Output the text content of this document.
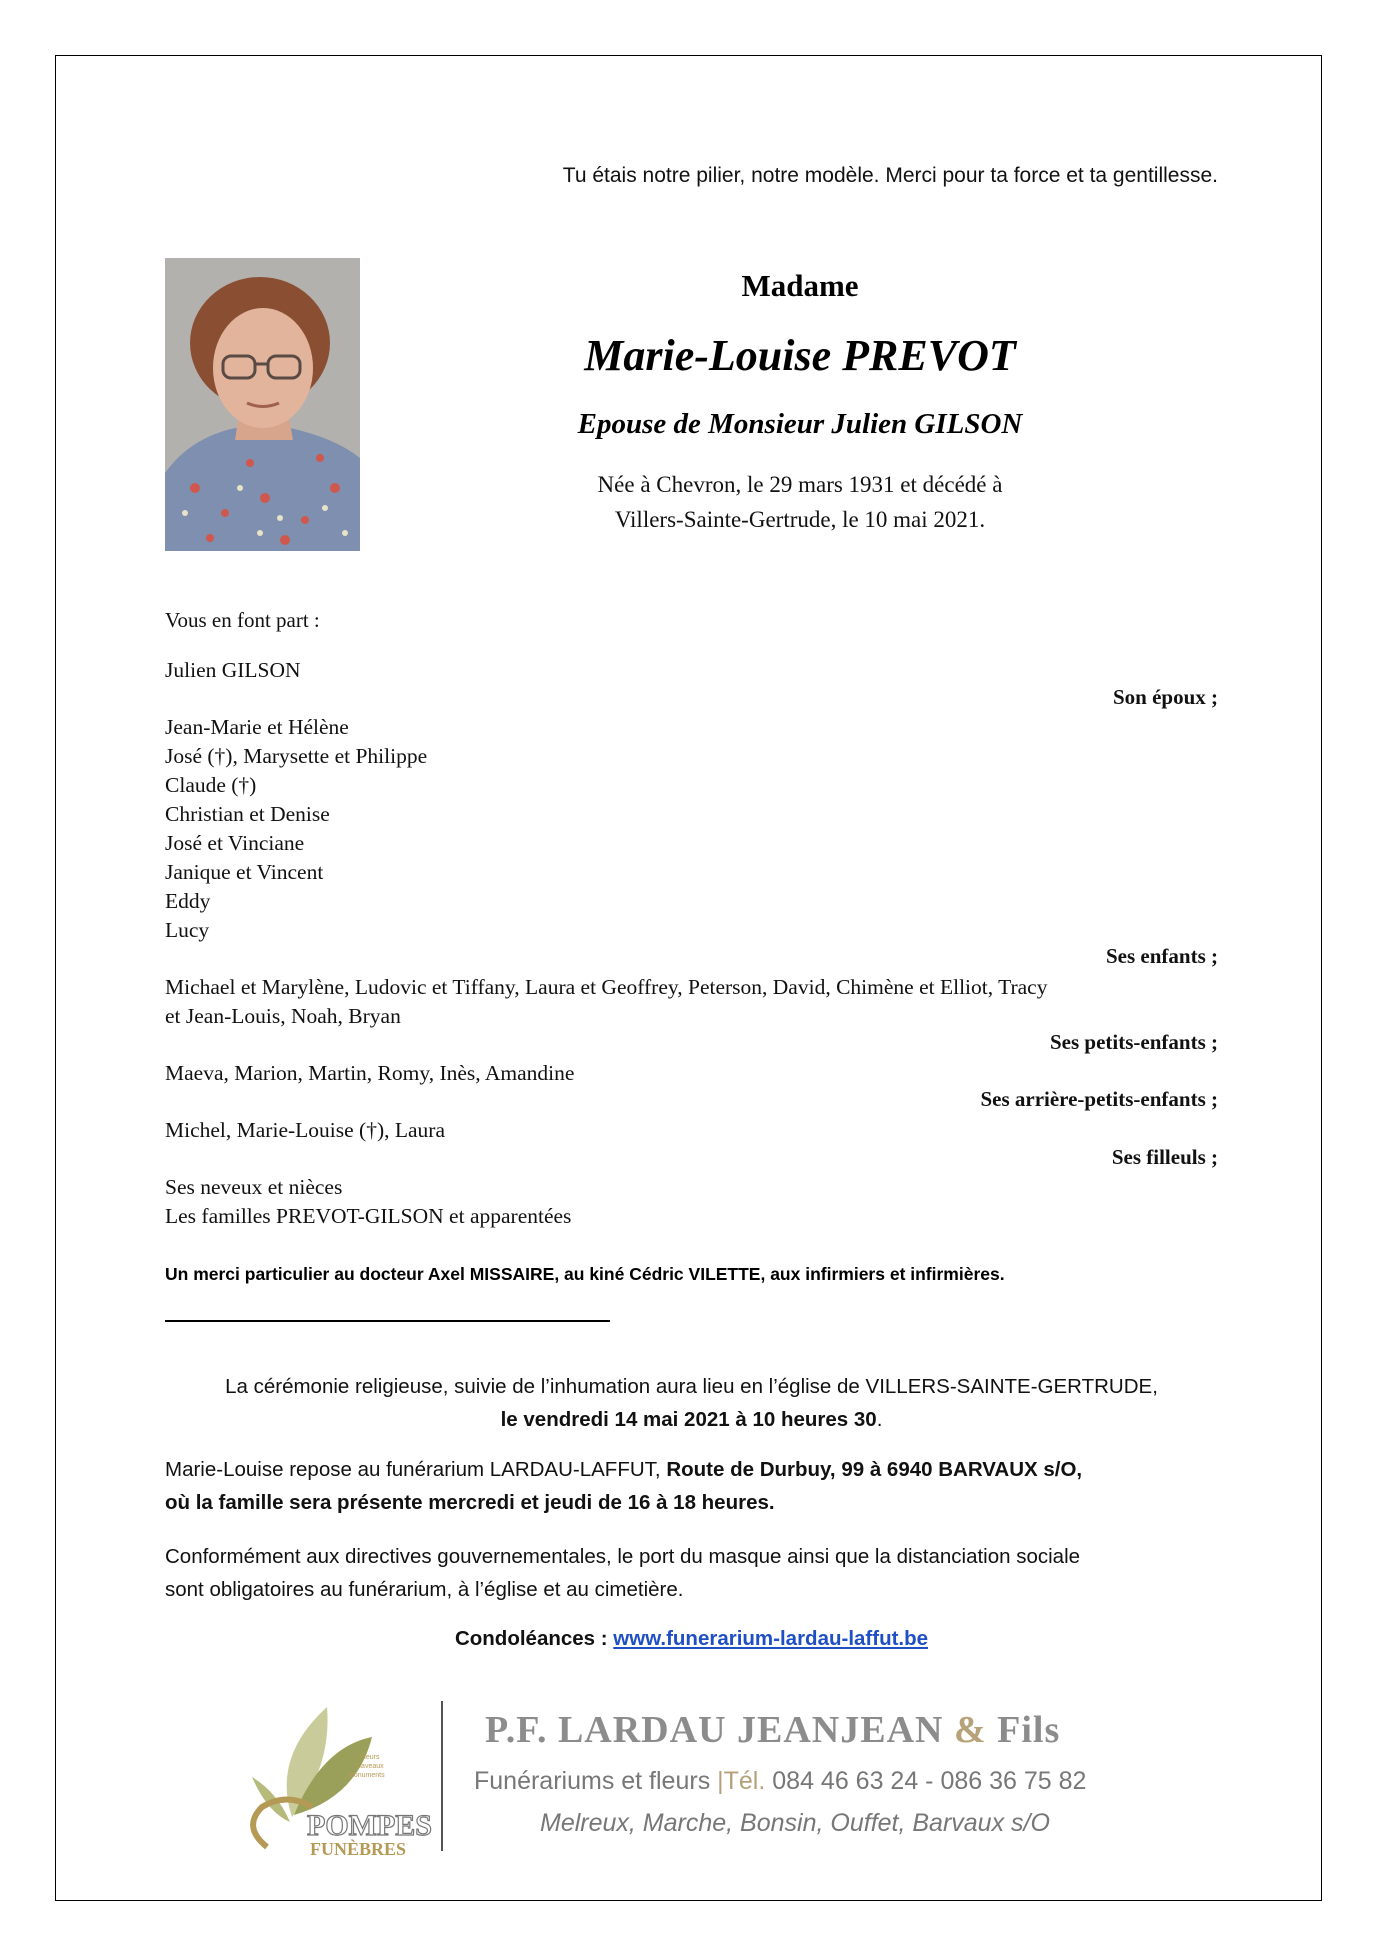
Tu étais notre pilier, notre modèle. Merci pour ta force et ta gentillesse.
Madame
Marie-Louise PREVOT
Epouse de Monsieur Julien GILSON
Née à Chevron, le 29 mars 1931 et décédé à
Villers-Sainte-Gertrude, le 10 mai 2021.
Vous en font part :
Julien GILSON
Son époux ;
Jean-Marie et Hélène
José (†), Marysette et Philippe
Claude (†)
Christian et Denise
José et Vinciane
Janique et Vincent
Eddy
Lucy
Ses enfants ;
Michael et Marylène, Ludovic et Tiffany, Laura et Geoffrey, Peterson, David, Chimène et Elliot, Tracy
et Jean-Louis, Noah, Bryan
Ses petits-enfants ;
Maeva, Marion, Martin, Romy, Inès, Amandine
Ses arrière-petits-enfants ;
Michel, Marie-Louise (†), Laura
Ses filleuls ;
Ses neveux et nièces
Les familles PREVOT-GILSON et apparentées
Un merci particulier au docteur Axel MISSAIRE, au kiné Cédric VILETTE, aux infirmiers et infirmières.
La cérémonie religieuse, suivie de l’inhumation aura lieu en l’église de VILLERS-SAINTE-GERTRUDE,
le vendredi 14 mai 2021 à 10 heures 30.
Marie-Louise repose au funérarium LARDAU-LAFFUT, Route de Durbuy, 99 à 6940 BARVAUX s/O,
où la famille sera présente mercredi et jeudi de 16 à 18 heures.
Conformément aux directives gouvernementales, le port du masque ainsi que la distanciation sociale
sont obligatoires au funérarium, à l’église et au cimetière.
Condoléances : www.funerarium-lardau-laffut.be
POMPES
FUNÈBRES
Fleurs
Caveaux
Monuments
P.F. LARDAU JEANJEAN & Fils
Funérariums et fleurs |Tél. 084 46 63 24 - 086 36 75 82
Melreux, Marche, Bonsin, Ouffet, Barvaux s/O
